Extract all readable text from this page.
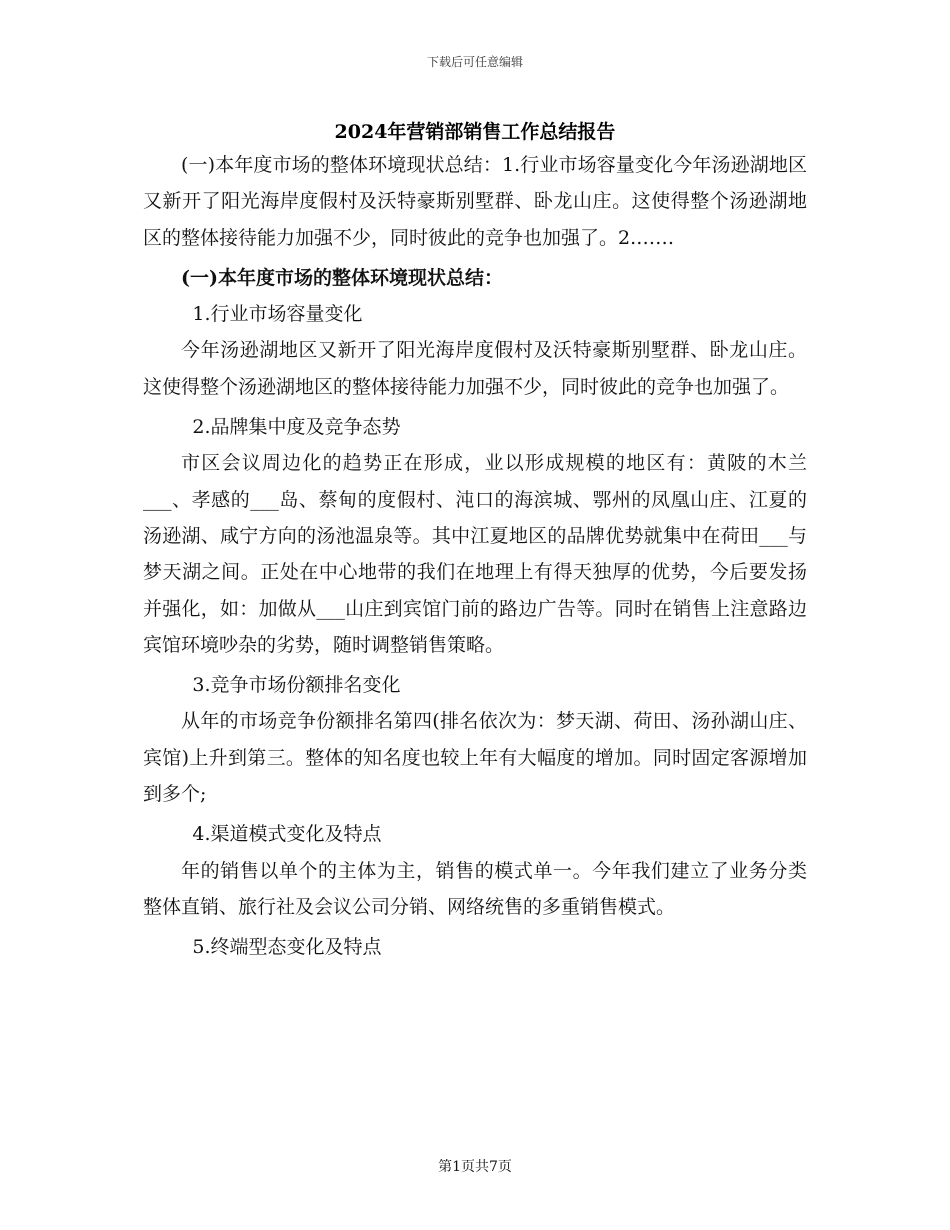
下载后可任意编辑
2024年营销部销售工作总结报告

(一)本年度市场的整体环境现状总结：1.行业市场容量变化今年汤逊湖地区又新开了阳光海岸度假村及沃特豪斯别墅群、卧龙山庄。这使得整个汤逊湖地区的整体接待能力加强不少，同时彼此的竞争也加强了。2.……

(一)本年度市场的整体环境现状总结：

1.行业市场容量变化

今年汤逊湖地区又新开了阳光海岸度假村及沃特豪斯别墅群、卧龙山庄。这使得整个汤逊湖地区的整体接待能力加强不少，同时彼此的竞争也加强了。

2.品牌集中度及竞争态势

市区会议周边化的趋势正在形成，业以形成规模的地区有：黄陂的木兰___、孝感的___岛、蔡甸的度假村、沌口的海滨城、鄂州的凤凰山庄、江夏的汤逊湖、咸宁方向的汤池温泉等。其中江夏地区的品牌优势就集中在荷田___与梦天湖之间。正处在中心地带的我们在地理上有得天独厚的优势，今后要发扬并强化，如：加做从___山庄到宾馆门前的路边广告等。同时在销售上注意路边宾馆环境吵杂的劣势，随时调整销售策略。

3.竞争市场份额排名变化

从年的市场竞争份额排名第四(排名依次为：梦天湖、荷田、汤孙湖山庄、宾馆)上升到第三。整体的知名度也较上年有大幅度的增加。同时固定客源增加到多个;

4.渠道模式变化及特点

年的销售以单个的主体为主，销售的模式单一。今年我们建立了业务分类整体直销、旅行社及会议公司分销、网络统售的多重销售模式。

5.终端型态变化及特点

第1页共7页
